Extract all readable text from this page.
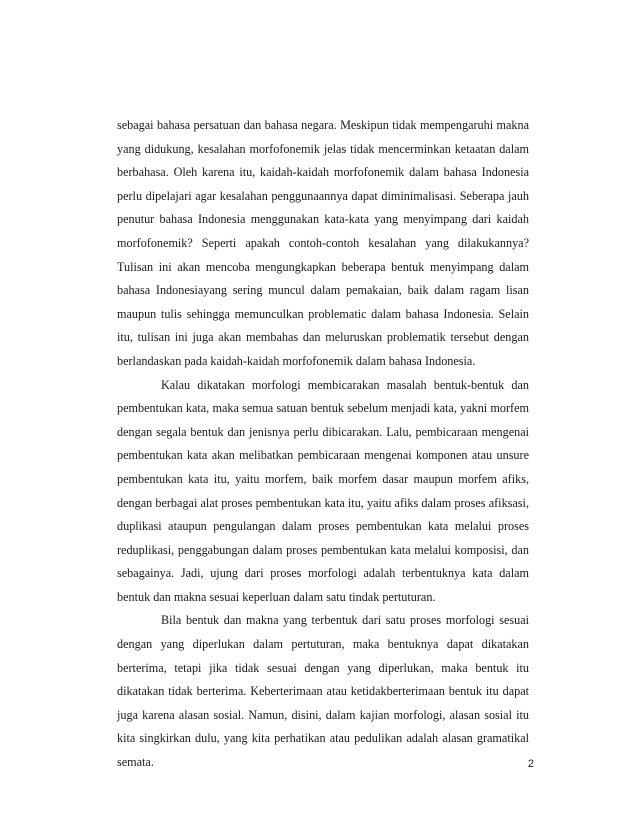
sebagai bahasa persatuan dan bahasa negara. Meskipun tidak mempengaruhi makna yang didukung, kesalahan morfofonemik jelas tidak mencerminkan ketaatan dalam berbahasa. Oleh karena itu, kaidah-kaidah morfofonemik dalam bahasa Indonesia perlu dipelajari agar kesalahan penggunaannya dapat diminimalisasi. Seberapa jauh penutur bahasa Indonesia menggunakan kata-kata yang menyimpang dari kaidah morfofonemik? Seperti apakah contoh-contoh kesalahan yang dilakukannya? Tulisan ini akan mencoba mengungkapkan beberapa bentuk menyimpang dalam bahasa Indonesiayang sering muncul dalam pemakaian, baik dalam ragam lisan maupun tulis sehingga memunculkan problematic dalam bahasa Indonesia. Selain itu, tulisan ini juga akan membahas dan meluruskan problematik tersebut dengan berlandaskan pada kaidah-kaidah morfofonemik dalam bahasa Indonesia.

Kalau dikatakan morfologi membicarakan masalah bentuk-bentuk dan pembentukan kata, maka semua satuan bentuk sebelum menjadi kata, yakni morfem dengan segala bentuk dan jenisnya perlu dibicarakan. Lalu, pembicaraan mengenai pembentukan kata akan melibatkan pembicaraan mengenai komponen atau unsure pembentukan kata itu, yaitu morfem, baik morfem dasar maupun morfem afiks, dengan berbagai alat proses pembentukan kata itu, yaitu afiks dalam proses afiksasi, duplikasi ataupun pengulangan dalam proses pembentukan kata melalui proses reduplikasi, penggabungan dalam proses pembentukan kata melalui komposisi, dan sebagainya. Jadi, ujung dari proses morfologi adalah terbentuknya kata dalam bentuk dan makna sesuai keperluan dalam satu tindak pertuturan.

Bila bentuk dan makna yang terbentuk dari satu proses morfologi sesuai dengan yang diperlukan dalam pertuturan, maka bentuknya dapat dikatakan berterima, tetapi jika tidak sesuai dengan yang diperlukan, maka bentuk itu dikatakan tidak berterima. Keberterimaan atau ketidakberterimaan bentuk itu dapat juga karena alasan sosial. Namun, disini, dalam kajian morfologi, alasan sosial itu kita singkirkan dulu, yang kita perhatikan atau pedulikan adalah alasan gramatikal semata.	2
